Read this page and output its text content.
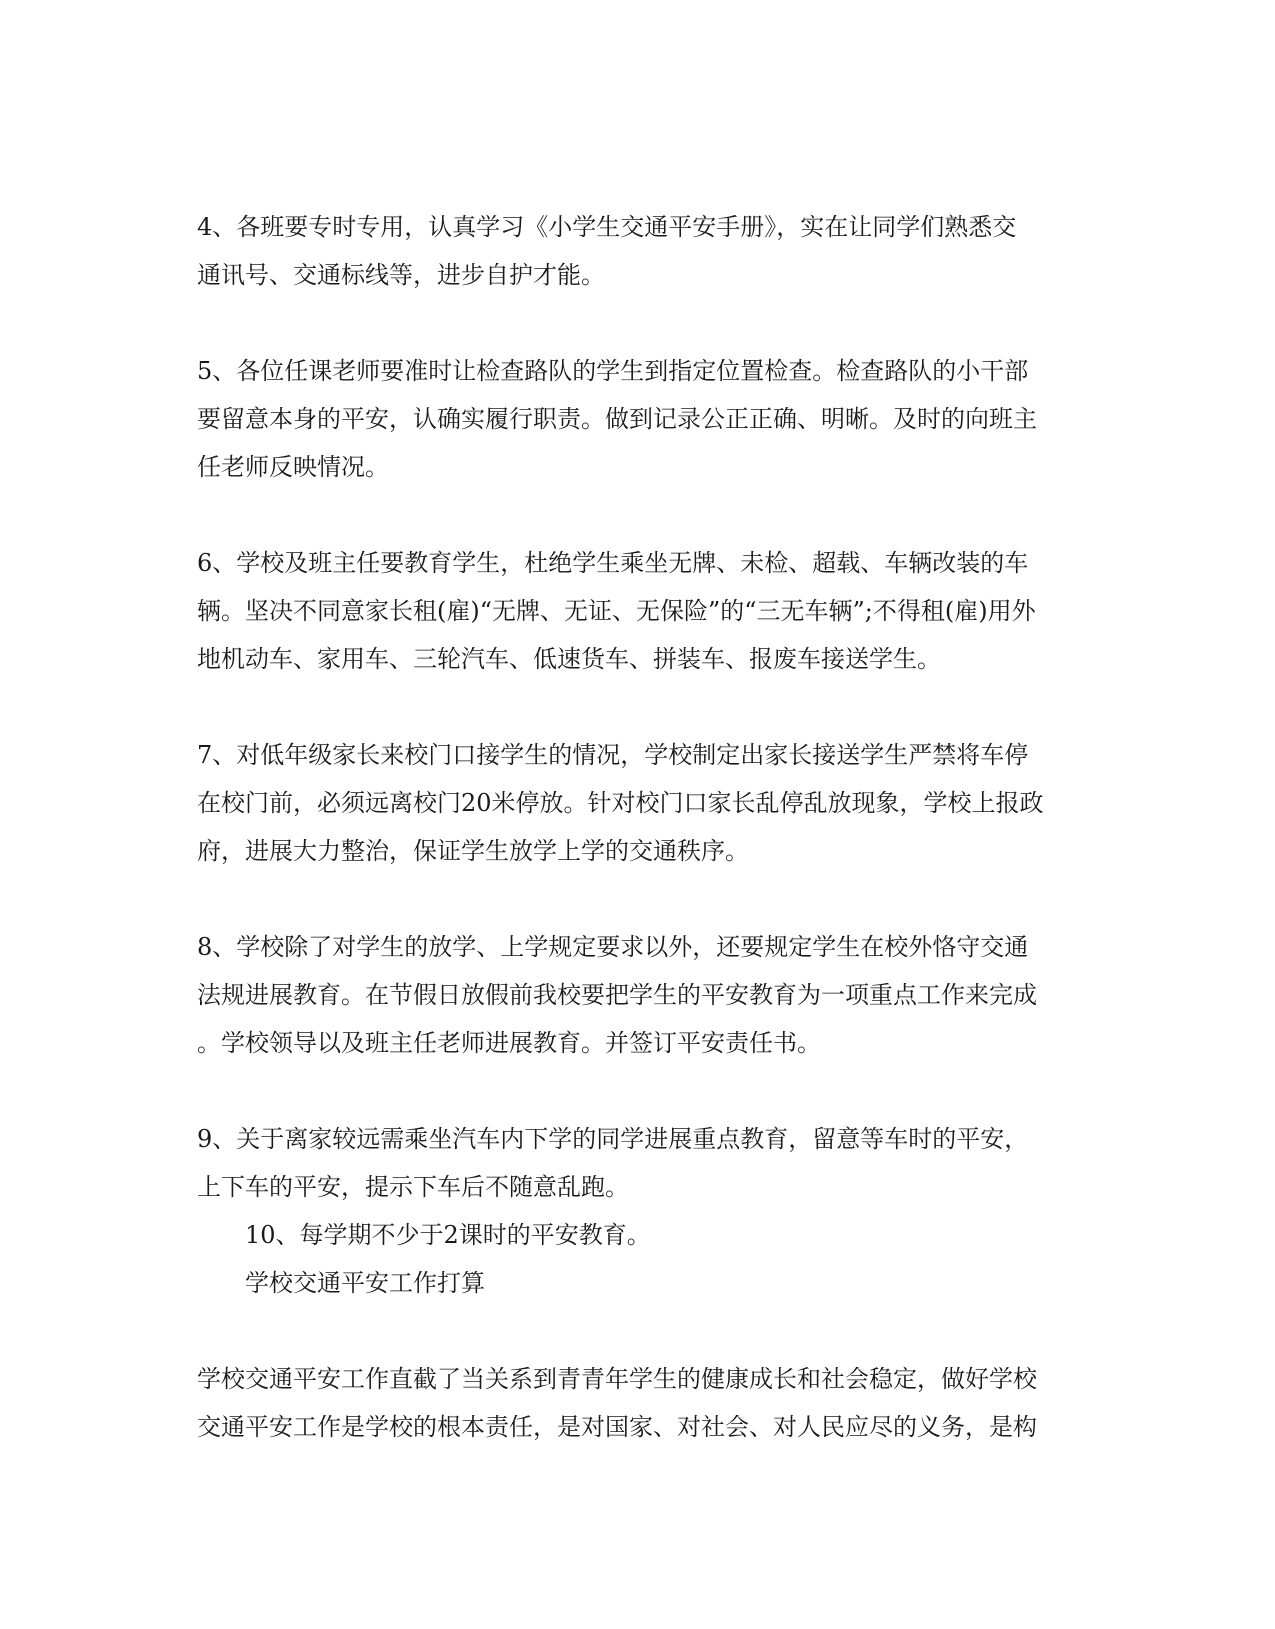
4、各班要专时专用，认真学习《小学生交通平安手册》，实在让同学们熟悉交
通讯号、交通标线等，进步自护才能。
5、各位任课老师要准时让检查路队的学生到指定位置检查。检查路队的小干部
要留意本身的平安，认确实履行职责。做到记录公正正确、明晰。及时的向班主
任老师反映情况。
6、学校及班主任要教育学生，杜绝学生乘坐无牌、未检、超载、车辆改装的车
辆。坚决不同意家长租(雇)“无牌、无证、无保险”的“三无车辆”;不得租(雇)用外
地机动车、家用车、三轮汽车、低速货车、拼装车、报废车接送学生。
7、对低年级家长来校门口接学生的情况，学校制定出家长接送学生严禁将车停
在校门前，必须远离校门20米停放。针对校门口家长乱停乱放现象，学校上报政
府，进展大力整治，保证学生放学上学的交通秩序。
8、学校除了对学生的放学、上学规定要求以外，还要规定学生在校外恪守交通
法规进展教育。在节假日放假前我校要把学生的平安教育为一项重点工作来完成
。学校领导以及班主任老师进展教育。并签订平安责任书。
9、关于离家较远需乘坐汽车内下学的同学进展重点教育，留意等车时的平安，
上下车的平安，提示下车后不随意乱跑。
10、每学期不少于2课时的平安教育。
学校交通平安工作打算
学校交通平安工作直截了当关系到青青年学生的健康成长和社会稳定，做好学校
交通平安工作是学校的根本责任，是对国家、对社会、对人民应尽的义务，是构
